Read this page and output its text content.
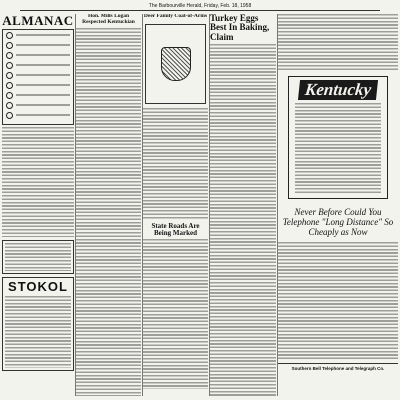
The Barbourville Herald, Friday, Feb. 18, 1958
ALMANAC
STOKOL
Hon. Mills Logan Respected Kentuckian
Deer Family Coat-of-Arms
State Roads Are Being Marked
Turkey Eggs Best In Baking, Claim
Kentucky
Never Before Could You Telephone "Long Distance" So Cheaply as Now
Southern Bell Telephone and Telegraph Co.
